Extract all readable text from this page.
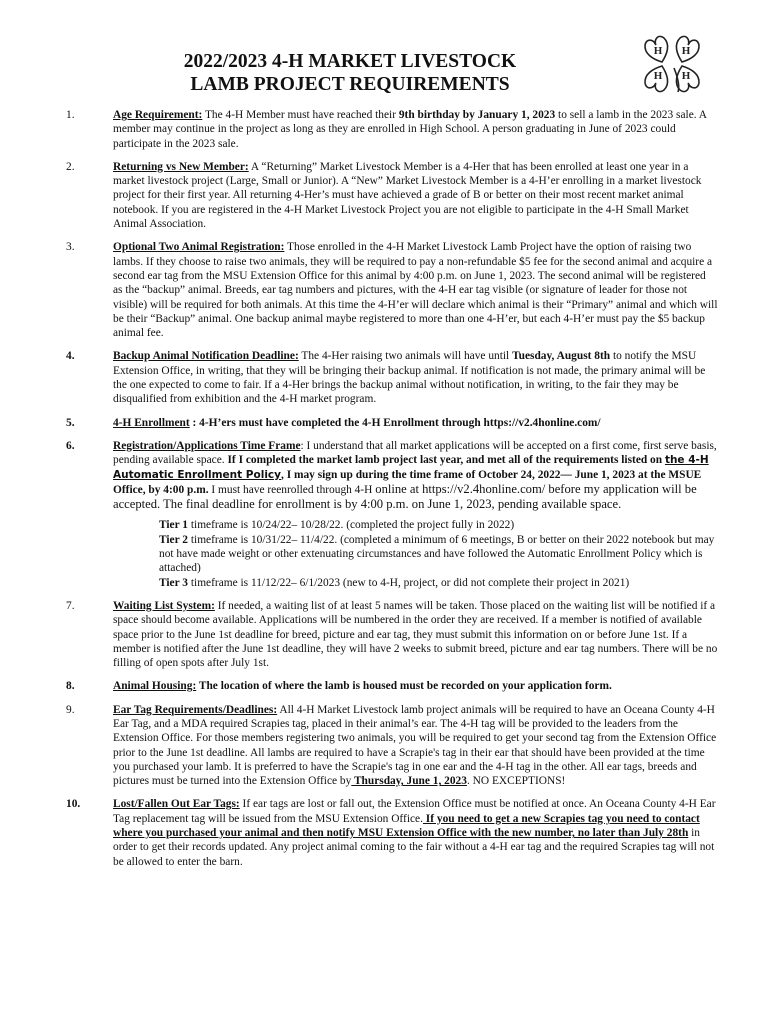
2022/2023 4-H MARKET LIVESTOCK
LAMB PROJECT REQUIREMENTS
H H
H H
1.	Age Requirement: The 4-H Member must have reached their 9th birthday by January 1, 2023 to sell a lamb in the 2023 sale. A member may continue in the project as long as they are enrolled in High School. A person graduating in June of 2023 could participate in the 2023 sale.

2.	Returning vs New Member: A “Returning” Market Livestock Member is a 4-Her that has been enrolled at least one year in a market livestock project (Large, Small or Junior). A “New” Market Livestock Member is a 4-H’er enrolling in a market livestock project for their first year. All returning 4-Her’s must have achieved a grade of B or better on their most recent market animal notebook. If you are registered in the 4-H Market Livestock Project you are not eligible to participate in the 4-H Small Market Animal Association.

3.	Optional Two Animal Registration: Those enrolled in the 4-H Market Livestock Lamb Project have the option of raising two lambs. If they choose to raise two animals, they will be required to pay a non-refundable $5 fee for the second animal and acquire a second ear tag from the MSU Extension Office for this animal by 4:00 p.m. on June 1, 2023. The second animal will be registered as the “backup” animal. Breeds, ear tag numbers and pictures, with the 4-H ear tag visible (or signature of leader for those not visible) will be required for both animals. At this time the 4-H’er will declare which animal is their “Primary” animal and which will be their “Backup” animal. One backup animal maybe registered to more than one 4-H’er, but each 4-H’er must pay the $5 backup animal fee.

4.	Backup Animal Notification Deadline: The 4-Her raising two animals will have until Tuesday, August 8th to notify the MSU Extension Office, in writing, that they will be bringing their backup animal. If notification is not made, the primary animal will be the one expected to come to fair. If a 4-Her brings the backup animal without notification, in writing, to the fair they may be disqualified from exhibition and the 4-H market program.

5.	4-H Enrollment : 4-H’ers must have completed the 4-H Enrollment through https://v2.4honline.com/

6.	Registration/Applications Time Frame: I understand that all market applications will be accepted on a first come, first serve basis, pending available space. If I completed the market lamb project last year, and met all of the requirements listed on the 4-H Automatic Enrollment Policy, I may sign up during the time frame of October 24, 2022— June 1, 2023 at the MSUE Office, by 4:00 p.m. I must have reenrolled through 4-H online at https://v2.4honline.com/ before my application will be accepted. The final deadline for enrollment is by 4:00 p.m. on June 1, 2023, pending available space.

Tier 1 timeframe is 10/24/22– 10/28/22. (completed the project fully in 2022)

Tier 2 timeframe is 10/31/22– 11/4/22. (completed a minimum of 6 meetings, B or better on their 2022 notebook but may not have made weight or other extenuating circumstances and have followed the Automatic Enrollment Policy which is attached)

Tier 3 timeframe is 11/12/22– 6/1/2023 (new to 4-H, project, or did not complete their project in 2021)

7.	Waiting List System: If needed, a waiting list of at least 5 names will be taken. Those placed on the waiting list will be notified if a space should become available. Applications will be numbered in the order they are received. If a member is notified of available space prior to the June 1st deadline for breed, picture and ear tag, they must submit this information on or before June 1st. If a member is notified after the June 1st deadline, they will have 2 weeks to submit breed, picture and ear tag numbers. There will be no filling of open spots after July 1st.

8.	Animal Housing: The location of where the lamb is housed must be recorded on your application form.

9.	Ear Tag Requirements/Deadlines: All 4-H Market Livestock lamb project animals will be required to have an Oceana County 4-H Ear Tag, and a MDA required Scrapies tag, placed in their animal’s ear. The 4-H tag will be provided to the leaders from the Extension Office. For those members registering two animals, you will be required to get your second tag from the Extension Office prior to the June 1st deadline. All lambs are required to have a Scrapie's tag in their ear that should have been provided at the time you purchased your lamb. It is preferred to have the Scrapie's tag in one ear and the 4-H tag in the other. All ear tags, breeds and pictures must be turned into the Extension Office by Thursday, June 1, 2023. NO EXCEPTIONS!

10.	Lost/Fallen Out Ear Tags: If ear tags are lost or fall out, the Extension Office must be notified at once. An Oceana County 4-H Ear Tag replacement tag will be issued from the MSU Extension Office. If you need to get a new Scrapies tag you need to contact where you purchased your animal and then notify MSU Extension Office with the new number, no later than July 28th in order to get their records updated. Any project animal coming to the fair without a 4-H ear tag and the required Scrapies tag will not be allowed to enter the barn.
